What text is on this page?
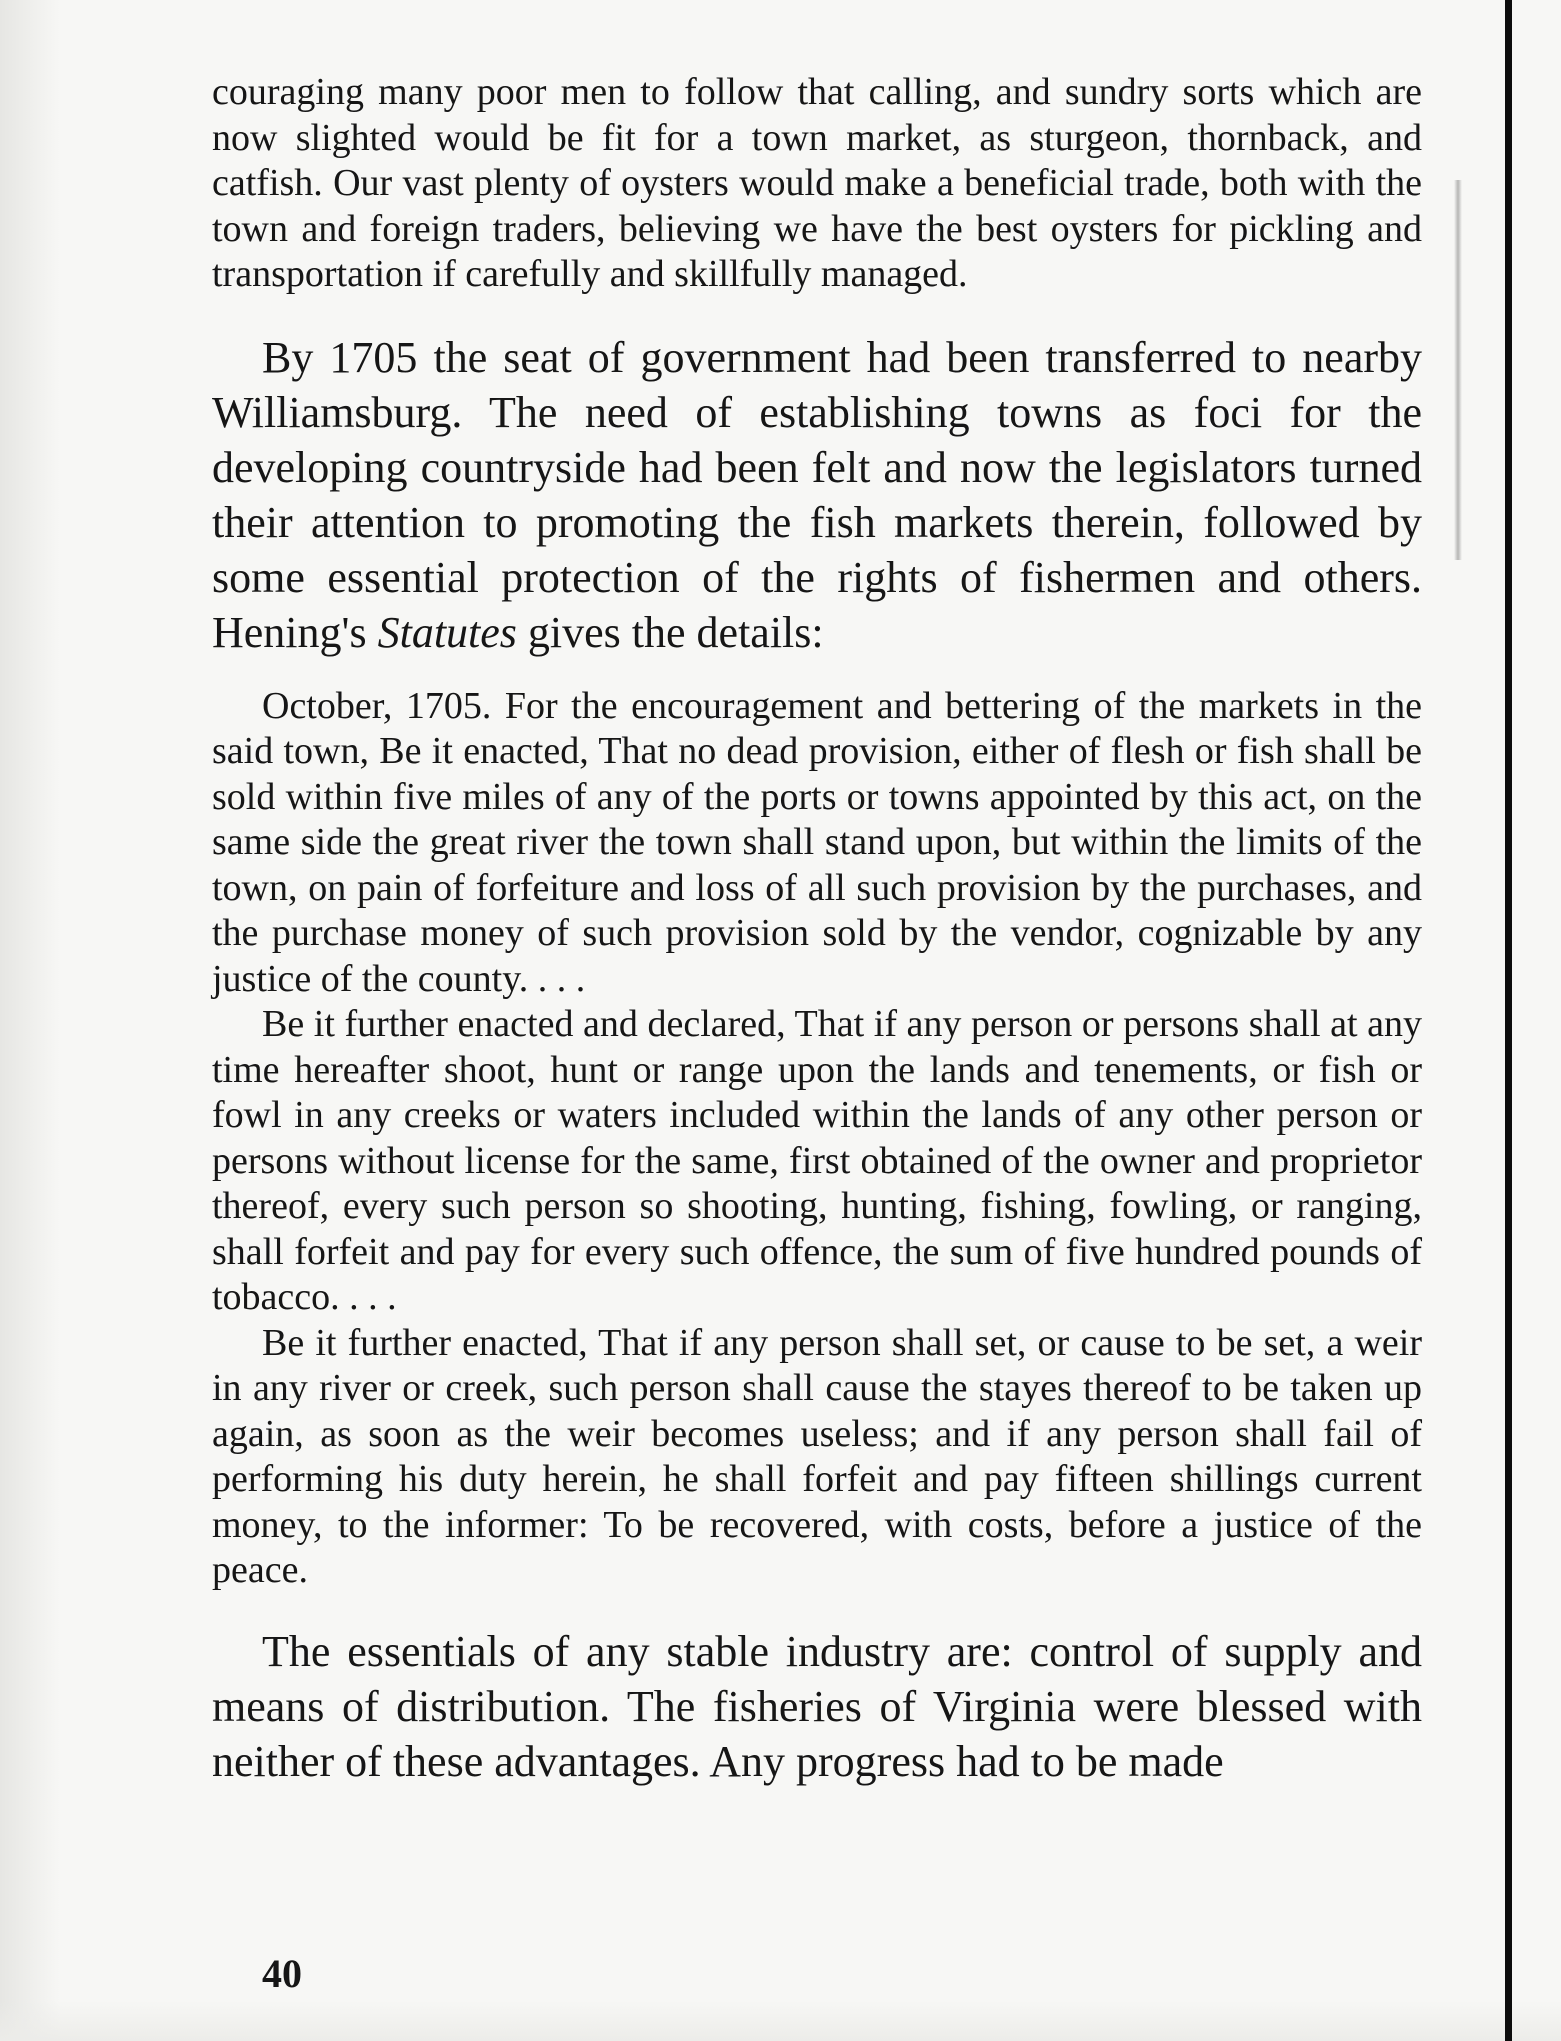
couraging many poor men to follow that calling, and sundry sorts which are now slighted would be fit for a town market, as sturgeon, thornback, and catfish. Our vast plenty of oysters would make a beneficial trade, both with the town and foreign traders, believing we have the best oysters for pickling and transportation if carefully and skillfully managed.

By 1705 the seat of government had been transferred to nearby Williamsburg. The need of establishing towns as foci for the developing countryside had been felt and now the legislators turned their attention to promoting the fish markets therein, followed by some essential protection of the rights of fishermen and others. Hening's Statutes gives the details:

October, 1705. For the encouragement and bettering of the markets in the said town, Be it enacted, That no dead provision, either of flesh or fish shall be sold within five miles of any of the ports or towns appointed by this act, on the same side the great river the town shall stand upon, but within the limits of the town, on pain of forfeiture and loss of all such provision by the purchases, and the purchase money of such provision sold by the vendor, cognizable by any justice of the county. . . .

Be it further enacted and declared, That if any person or persons shall at any time hereafter shoot, hunt or range upon the lands and tenements, or fish or fowl in any creeks or waters included within the lands of any other person or persons without license for the same, first obtained of the owner and proprietor thereof, every such person so shooting, hunting, fishing, fowling, or ranging, shall forfeit and pay for every such offence, the sum of five hundred pounds of tobacco. . . .

Be it further enacted, That if any person shall set, or cause to be set, a weir in any river or creek, such person shall cause the stayes thereof to be taken up again, as soon as the weir becomes useless; and if any person shall fail of performing his duty herein, he shall forfeit and pay fifteen shillings current money, to the informer: To be recovered, with costs, before a justice of the peace.

The essentials of any stable industry are: control of supply and means of distribution. The fisheries of Virginia were blessed with neither of these advantages. Any progress had to be made

40
